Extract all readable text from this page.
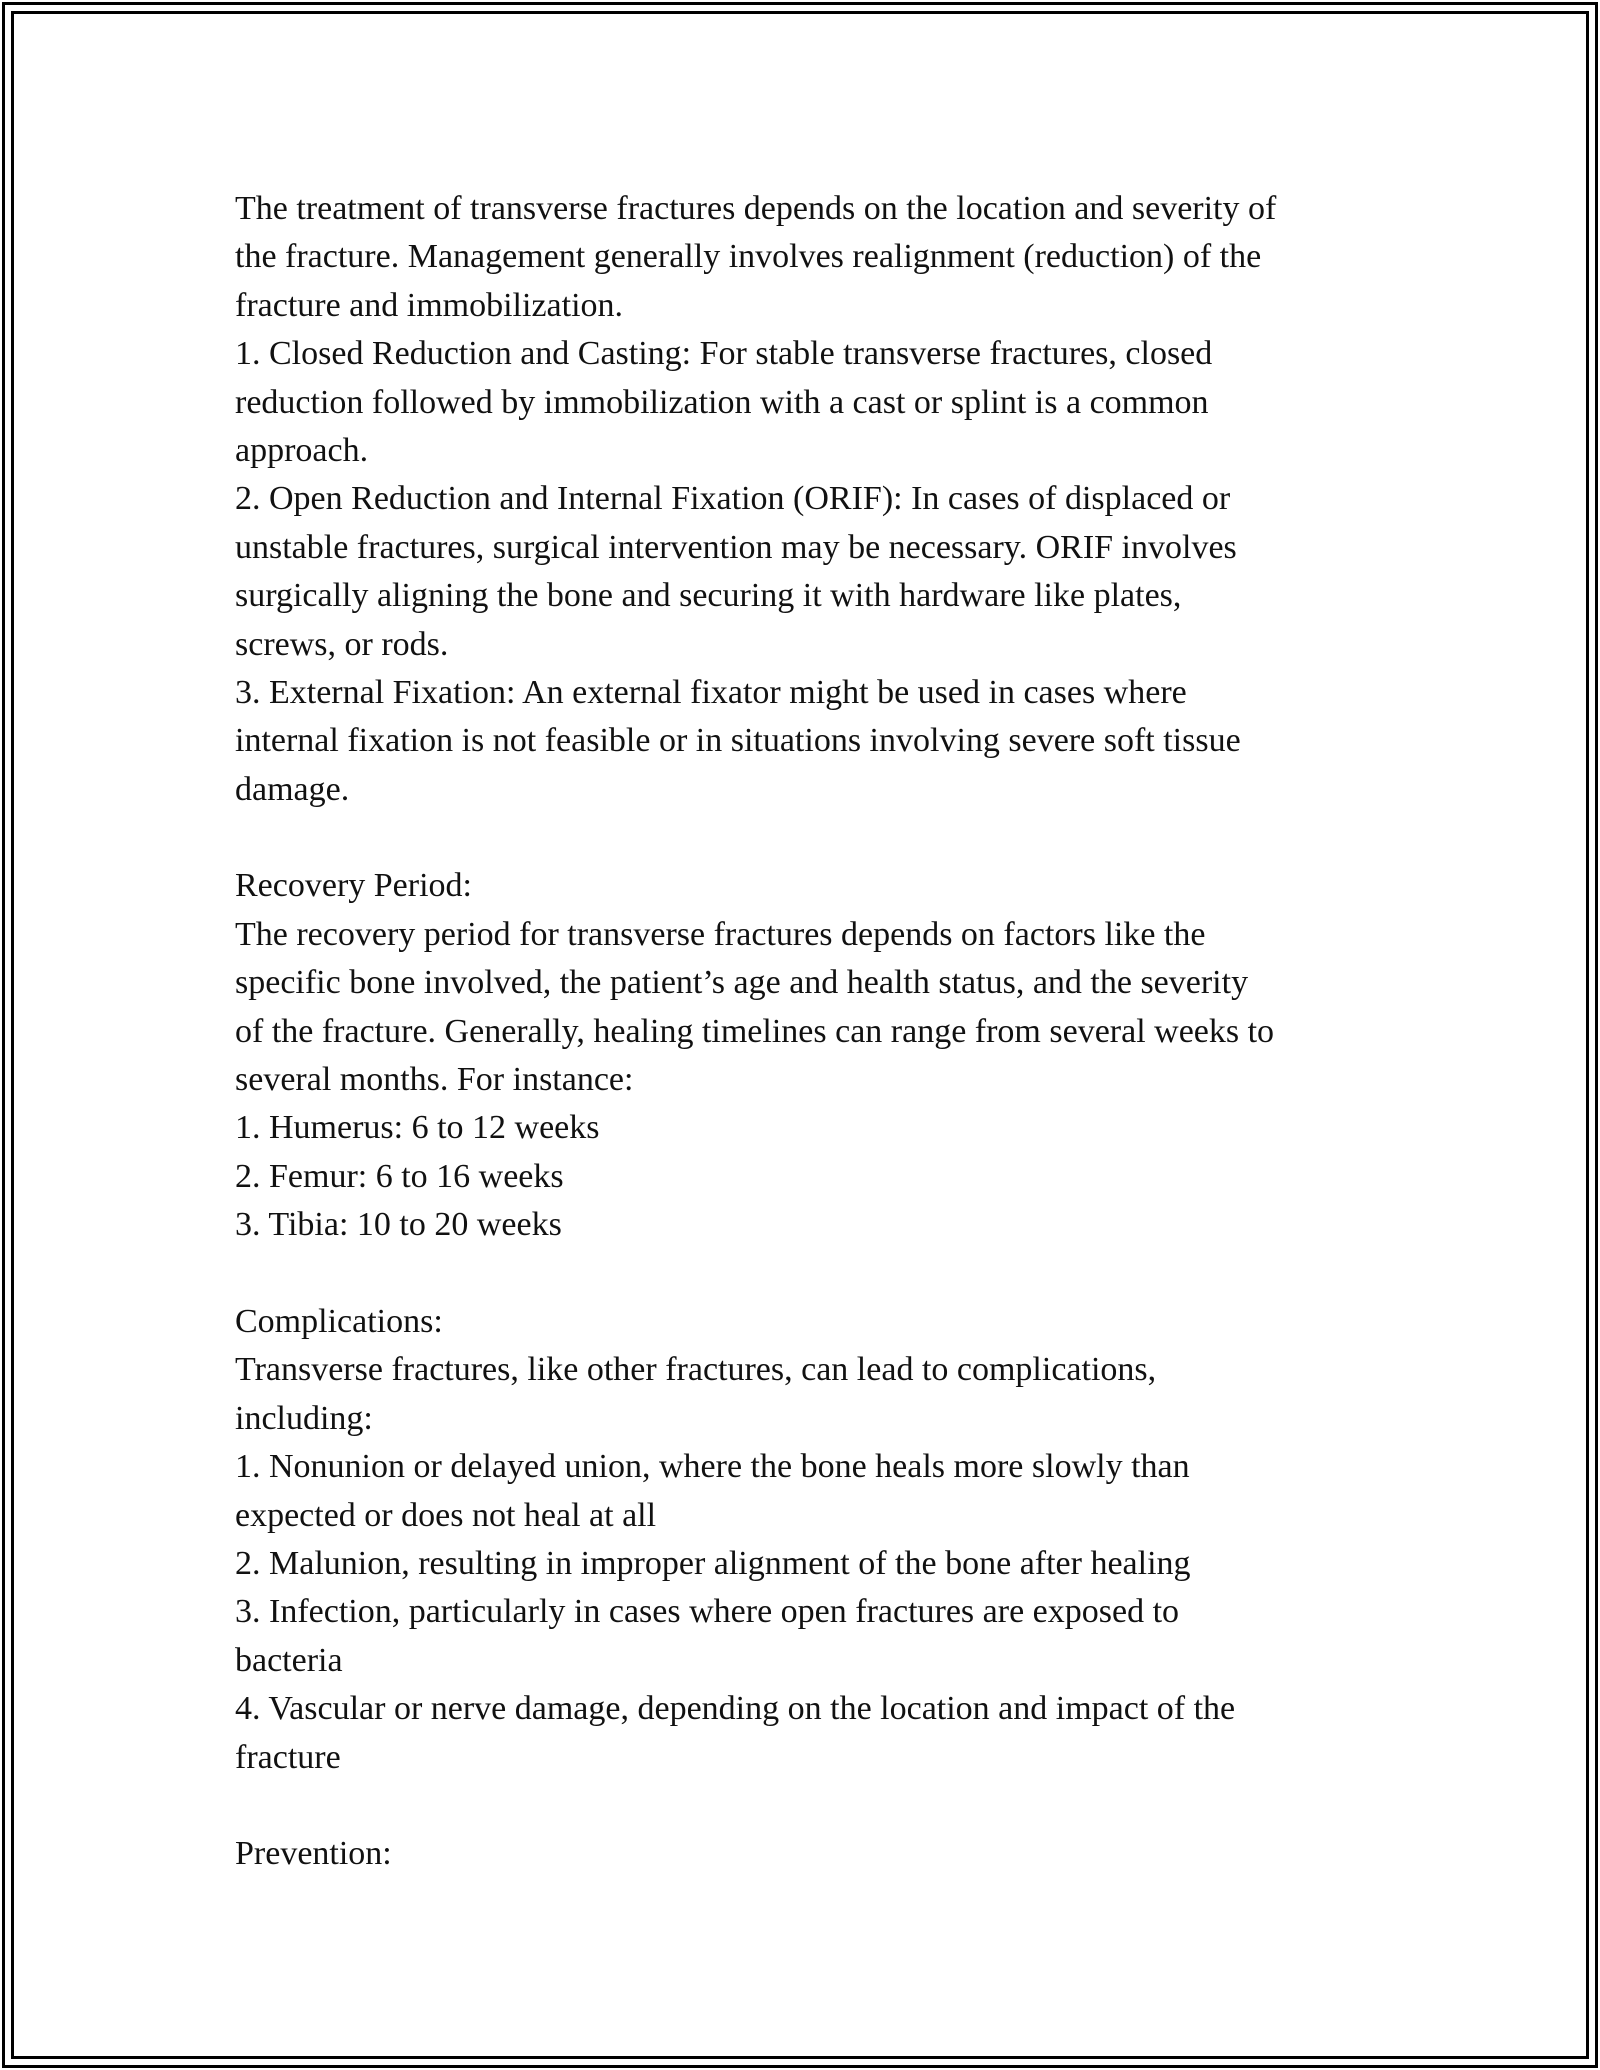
The treatment of transverse fractures depends on the location and severity of
the fracture. Management generally involves realignment (reduction) of the
fracture and immobilization.
1. Closed Reduction and Casting: For stable transverse fractures, closed
reduction followed by immobilization with a cast or splint is a common
approach.
2. Open Reduction and Internal Fixation (ORIF): In cases of displaced or
unstable fractures, surgical intervention may be necessary. ORIF involves
surgically aligning the bone and securing it with hardware like plates,
screws, or rods.
3. External Fixation: An external fixator might be used in cases where
internal fixation is not feasible or in situations involving severe soft tissue
damage.
Recovery Period:
The recovery period for transverse fractures depends on factors like the
specific bone involved, the patient’s age and health status, and the severity
of the fracture. Generally, healing timelines can range from several weeks to
several months. For instance:
1. Humerus: 6 to 12 weeks
2. Femur: 6 to 16 weeks
3. Tibia: 10 to 20 weeks
Complications:
Transverse fractures, like other fractures, can lead to complications,
including:
1. Nonunion or delayed union, where the bone heals more slowly than
expected or does not heal at all
2. Malunion, resulting in improper alignment of the bone after healing
3. Infection, particularly in cases where open fractures are exposed to
bacteria
4. Vascular or nerve damage, depending on the location and impact of the
fracture
Prevention:
